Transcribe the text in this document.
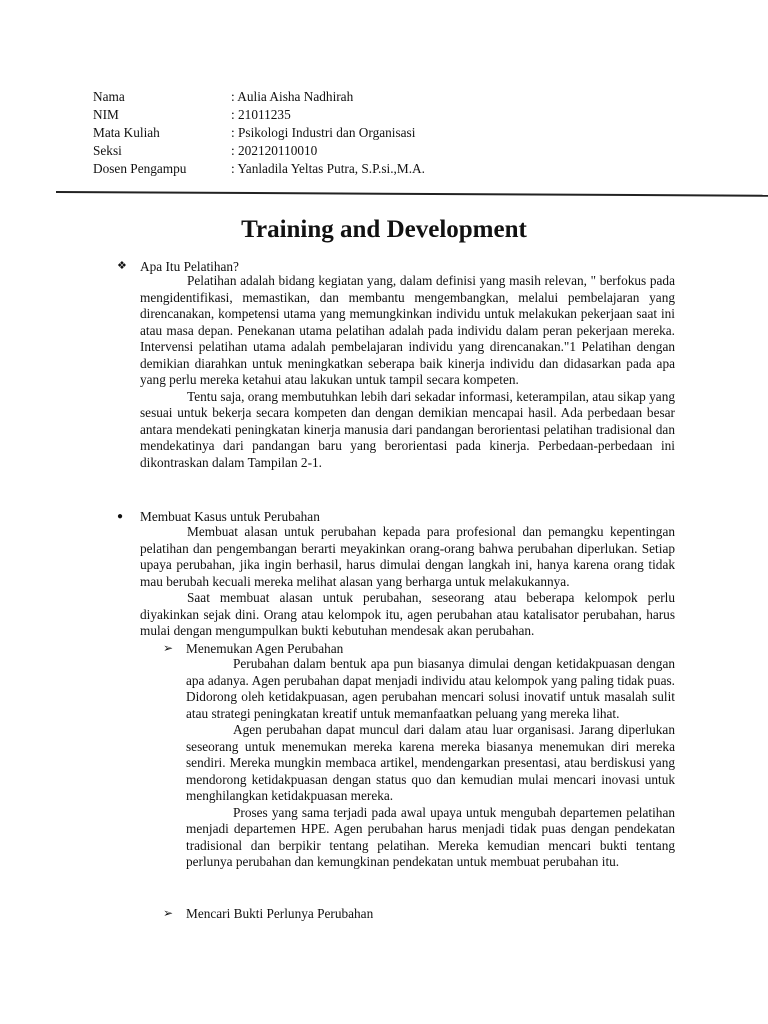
Nama	: Aulia Aisha Nadhirah
NIM	: 21011235
Mata Kuliah	: Psikologi Industri dan Organisasi
Seksi	: 202120110010
Dosen Pengampu	: Yanladila Yeltas Putra, S.P.si.,M.A.
Training and Development
❖ Apa Itu Pelatihan?

Pelatihan adalah bidang kegiatan yang, dalam definisi yang masih relevan, " berfokus pada mengidentifikasi, memastikan, dan membantu mengembangkan, melalui pembelajaran yang direncanakan, kompetensi utama yang memungkinkan individu untuk melakukan pekerjaan saat ini atau masa depan. Penekanan utama pelatihan adalah pada individu dalam peran pekerjaan mereka. Intervensi pelatihan utama adalah pembelajaran individu yang direncanakan."1 Pelatihan dengan demikian diarahkan untuk meningkatkan seberapa baik kinerja individu dan didasarkan pada apa yang perlu mereka ketahui atau lakukan untuk tampil secara kompeten.

Tentu saja, orang membutuhkan lebih dari sekadar informasi, keterampilan, atau sikap yang sesuai untuk bekerja secara kompeten dan dengan demikian mencapai hasil. Ada perbedaan besar antara mendekati peningkatan kinerja manusia dari pandangan berorientasi pelatihan tradisional dan mendekatinya dari pandangan baru yang berorientasi pada kinerja. Perbedaan-perbedaan ini dikontraskan dalam Tampilan 2-1.

●	Membuat Kasus untuk Perubahan

Membuat alasan untuk perubahan kepada para profesional dan pemangku kepentingan pelatihan dan pengembangan berarti meyakinkan orang-orang bahwa perubahan diperlukan. Setiap upaya perubahan, jika ingin berhasil, harus dimulai dengan langkah ini, hanya karena orang tidak mau berubah kecuali mereka melihat alasan yang berharga untuk melakukannya.

Saat membuat alasan untuk perubahan, seseorang atau beberapa kelompok perlu diyakinkan sejak dini. Orang atau kelompok itu, agen perubahan atau katalisator perubahan, harus mulai dengan mengumpulkan bukti kebutuhan mendesak akan perubahan.

➢ Menemukan Agen Perubahan

Perubahan dalam bentuk apa pun biasanya dimulai dengan ketidakpuasan dengan apa adanya. Agen perubahan dapat menjadi individu atau kelompok yang paling tidak puas. Didorong oleh ketidakpuasan, agen perubahan mencari solusi inovatif untuk masalah sulit atau strategi peningkatan kreatif untuk memanfaatkan peluang yang mereka lihat.

Agen perubahan dapat muncul dari dalam atau luar organisasi. Jarang diperlukan seseorang untuk menemukan mereka karena mereka biasanya menemukan diri mereka sendiri. Mereka mungkin membaca artikel, mendengarkan presentasi, atau berdiskusi yang mendorong ketidakpuasan dengan status quo dan kemudian mulai mencari inovasi untuk menghilangkan ketidakpuasan mereka.

Proses yang sama terjadi pada awal upaya untuk mengubah departemen pelatihan menjadi departemen HPE. Agen perubahan harus menjadi tidak puas dengan pendekatan tradisional dan berpikir tentang pelatihan. Mereka kemudian mencari bukti tentang perlunya perubahan dan kemungkinan pendekatan untuk membuat perubahan itu.

➢ Mencari Bukti Perlunya Perubahan
